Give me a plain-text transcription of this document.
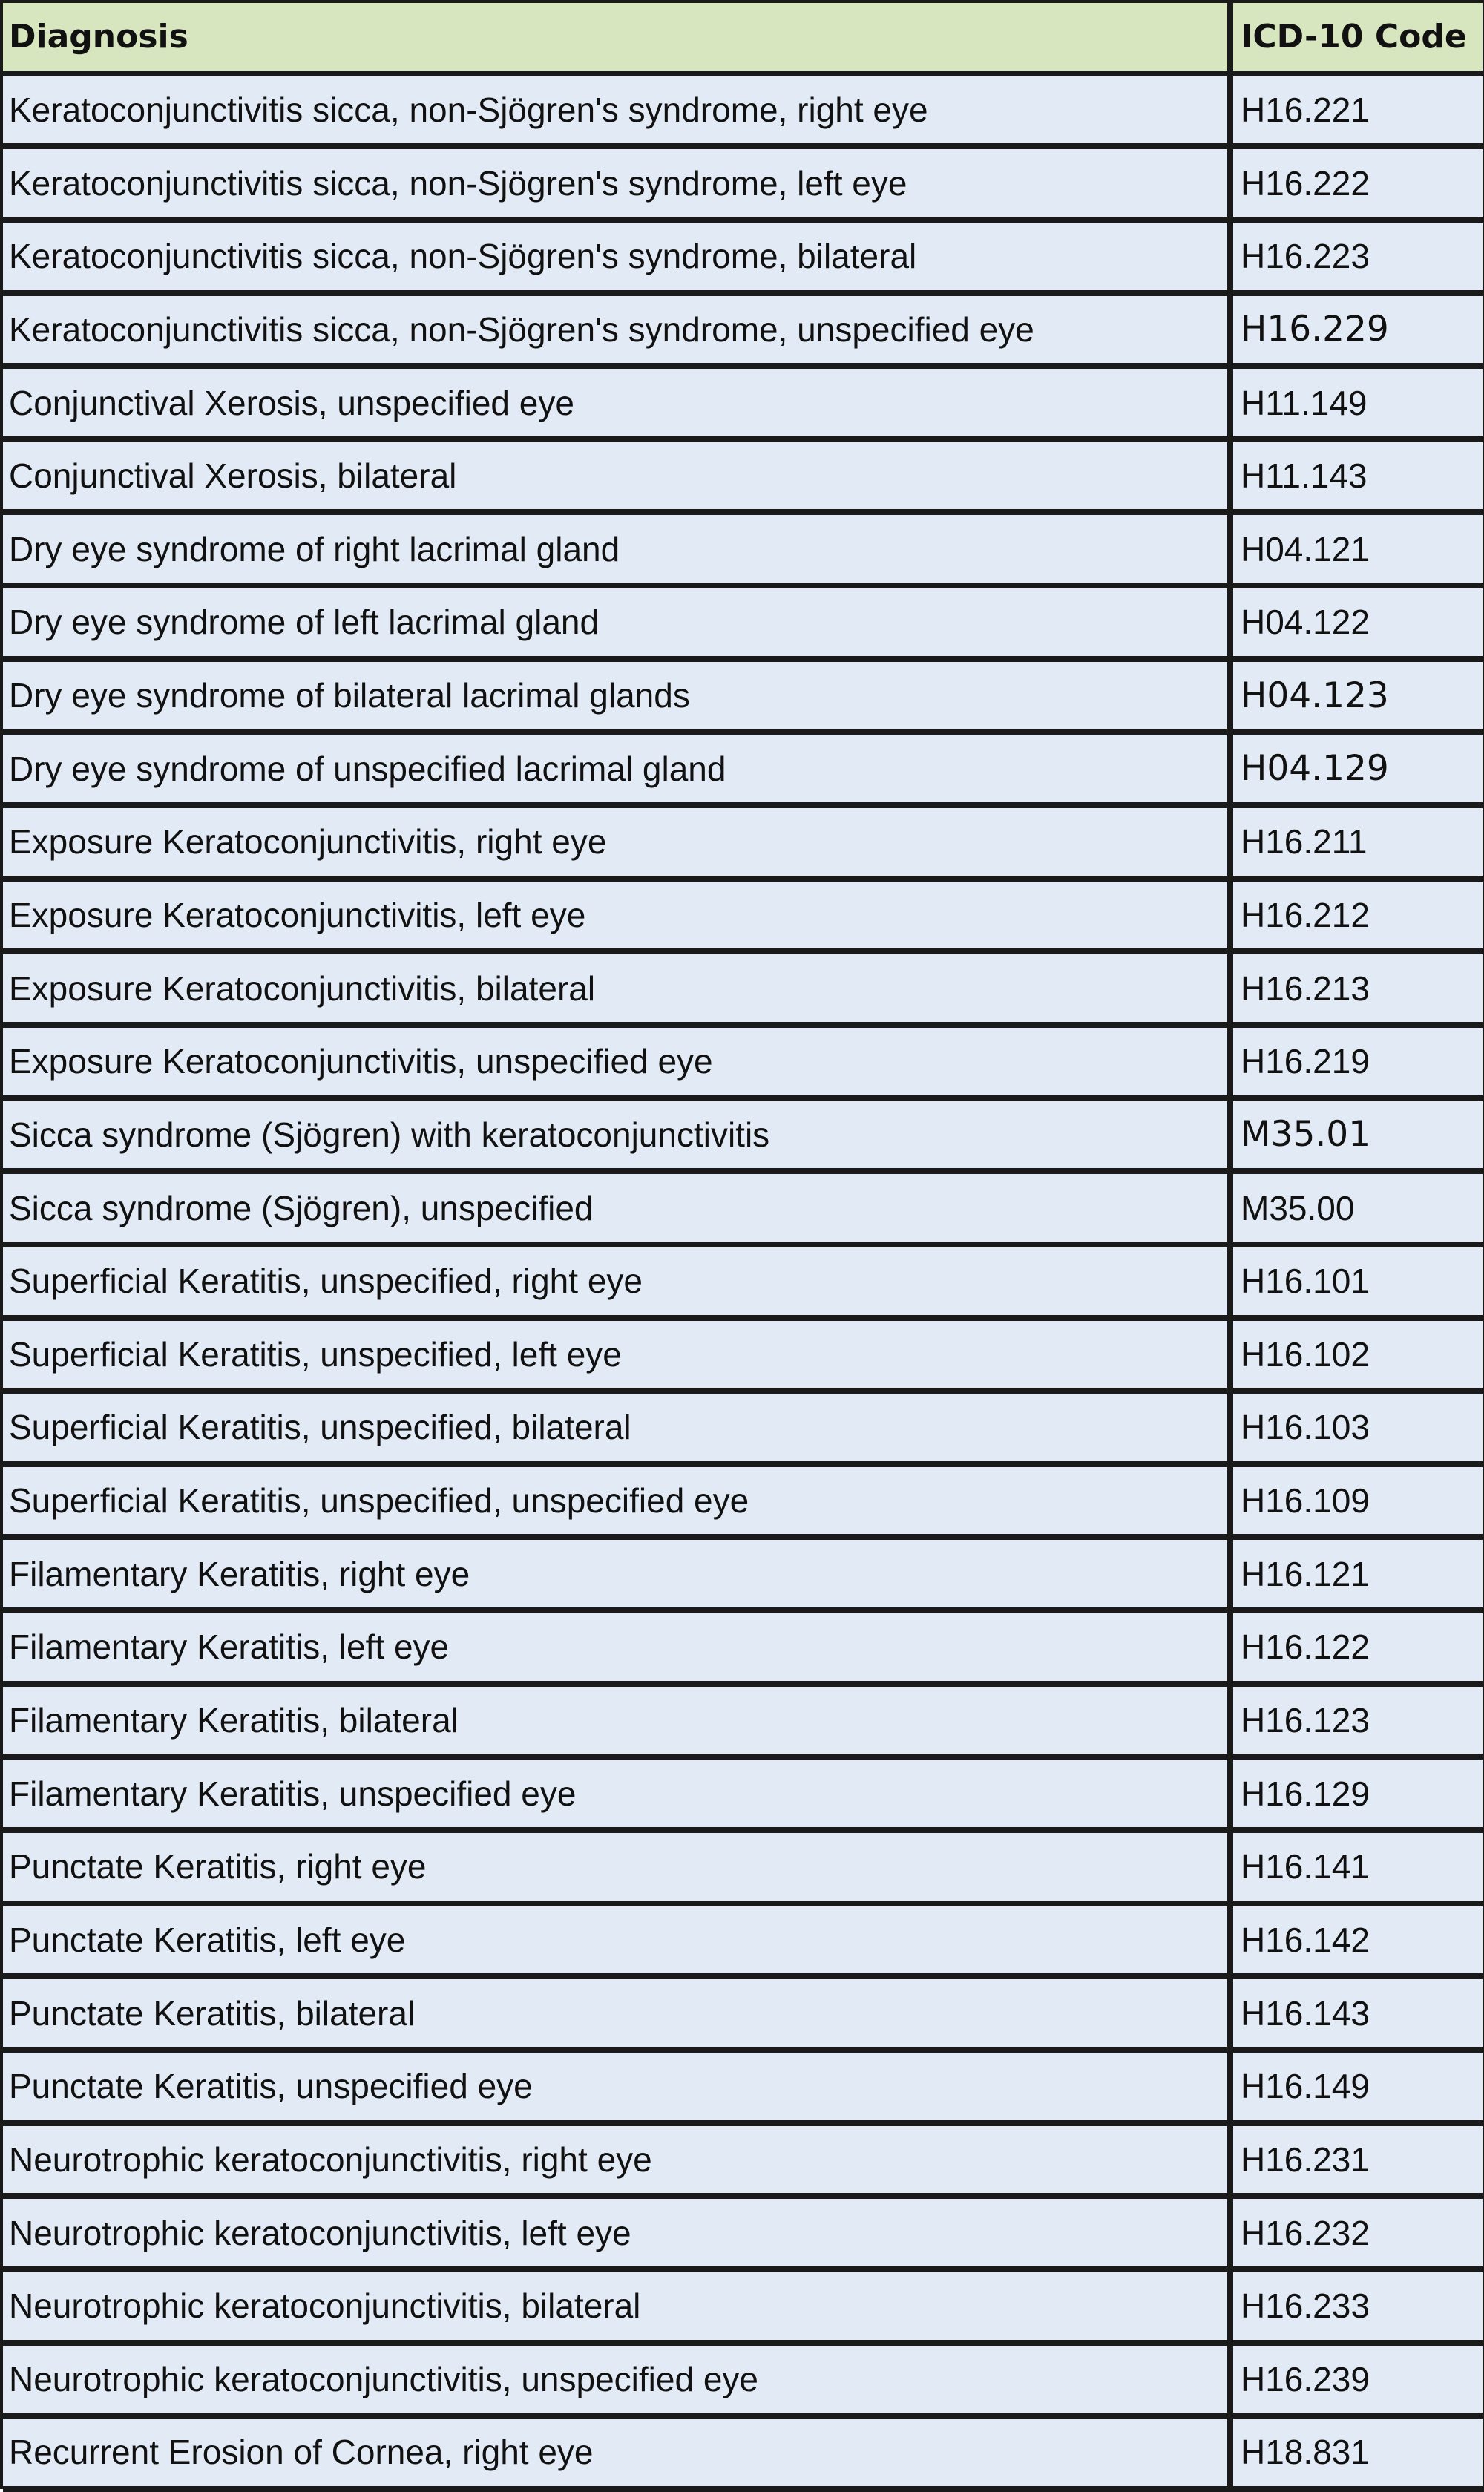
Diagnosis	ICD-10 Code
Keratoconjunctivitis sicca, non-Sjögren's syndrome, right eye	H16.221
Keratoconjunctivitis sicca, non-Sjögren's syndrome, left eye	H16.222
Keratoconjunctivitis sicca, non-Sjögren's syndrome, bilateral	H16.223
Keratoconjunctivitis sicca, non-Sjögren's syndrome, unspecified eye	H16.229
Conjunctival Xerosis, unspecified eye	H11.149
Conjunctival Xerosis, bilateral	H11.143
Dry eye syndrome of right lacrimal gland	H04.121
Dry eye syndrome of left lacrimal gland	H04.122
Dry eye syndrome of bilateral lacrimal glands	H04.123
Dry eye syndrome of unspecified lacrimal gland	H04.129
Exposure Keratoconjunctivitis, right eye	H16.211
Exposure Keratoconjunctivitis, left eye	H16.212
Exposure Keratoconjunctivitis, bilateral	H16.213
Exposure Keratoconjunctivitis, unspecified eye	H16.219
Sicca syndrome (Sjögren) with keratoconjunctivitis	M35.01
Sicca syndrome (Sjögren), unspecified	M35.00
Superficial Keratitis, unspecified, right eye	H16.101
Superficial Keratitis, unspecified, left eye	H16.102
Superficial Keratitis, unspecified, bilateral	H16.103
Superficial Keratitis, unspecified, unspecified eye	H16.109
Filamentary Keratitis, right eye	H16.121
Filamentary Keratitis, left eye	H16.122
Filamentary Keratitis, bilateral	H16.123
Filamentary Keratitis, unspecified eye	H16.129
Punctate Keratitis, right eye	H16.141
Punctate Keratitis, left eye	H16.142
Punctate Keratitis, bilateral	H16.143
Punctate Keratitis, unspecified eye	H16.149
Neurotrophic keratoconjunctivitis, right eye	H16.231
Neurotrophic keratoconjunctivitis, left eye	H16.232
Neurotrophic keratoconjunctivitis, bilateral	H16.233
Neurotrophic keratoconjunctivitis, unspecified eye	H16.239
Recurrent Erosion of Cornea, right eye	H18.831
